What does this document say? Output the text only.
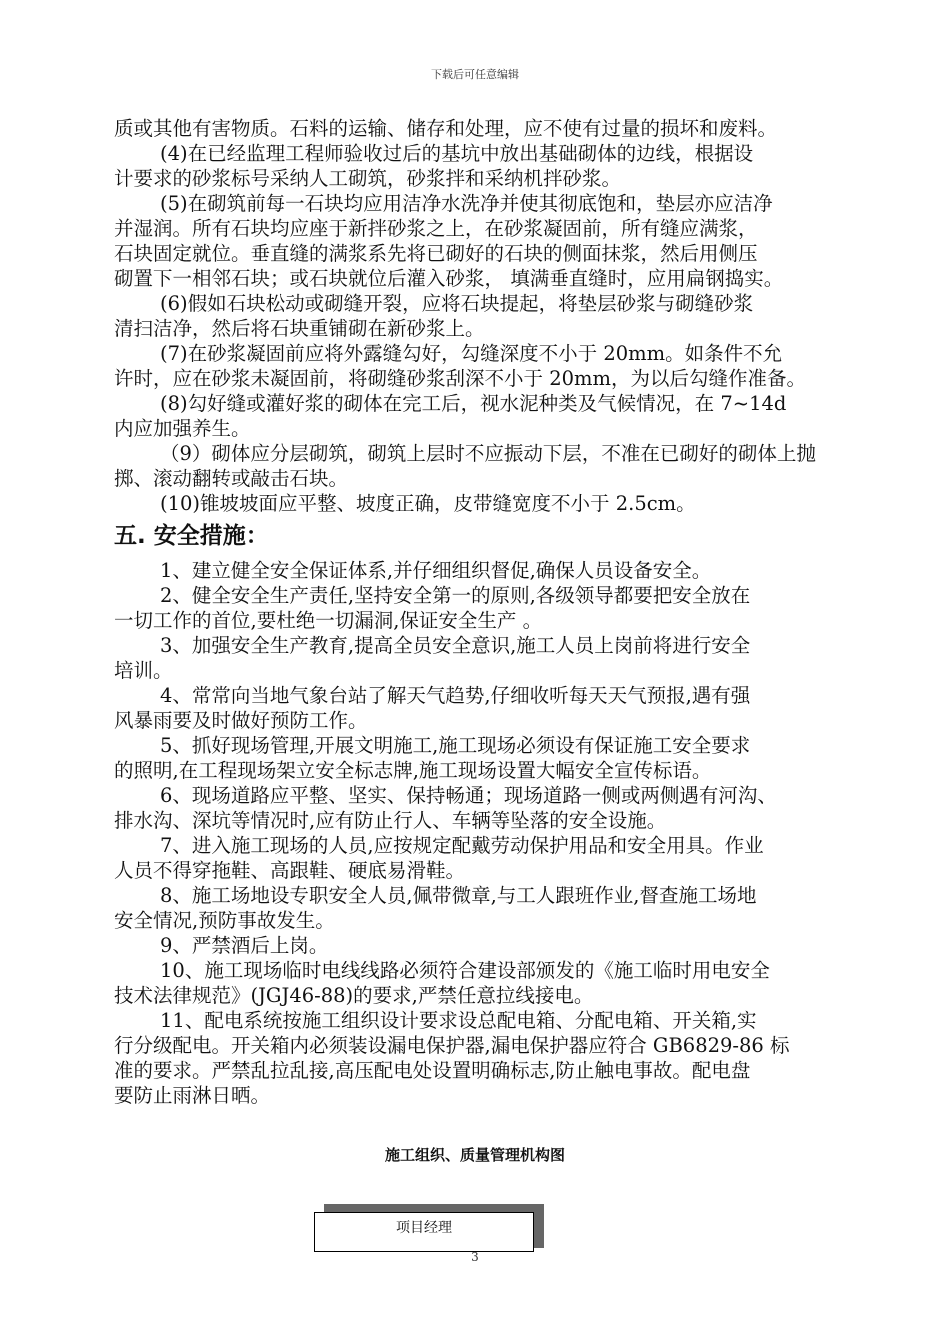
下载后可任意编辑

质或其他有害物质。石料的运输、储存和处理，应不使有过量的损坏和废料。

(4)在已经监理工程师验收过后的基坑中放出基础砌体的边线，根据设

计要求的砂浆标号采纳人工砌筑，砂浆拌和采纳机拌砂浆。

(5)在砌筑前每一石块均应用洁净水洗净并使其彻底饱和，垫层亦应洁净

并湿润。所有石块均应座于新拌砂浆之上，在砂浆凝固前，所有缝应满浆，

石块固定就位。垂直缝的满浆系先将已砌好的石块的侧面抹浆，然后用侧压

砌置下一相邻石块；或石块就位后灌入砂浆， 填满垂直缝时，应用扁钢捣实。

(6)假如石块松动或砌缝开裂，应将石块提起，将垫层砂浆与砌缝砂浆

清扫洁净，然后将石块重铺砌在新砂浆上。

(7)在砂浆凝固前应将外露缝勾好，勾缝深度不小于 20mm。如条件不允

许时，应在砂浆未凝固前，将砌缝砂浆刮深不小于 20mm，为以后勾缝作准备。

(8)勾好缝或灌好浆的砌体在完工后，视水泥种类及气候情况，在 7~14d

内应加强养生。

（9）砌体应分层砌筑，砌筑上层时不应振动下层，不准在已砌好的砌体上抛

掷、滚动翻转或敲击石块。

(10)锥坡坡面应平整、坡度正确，皮带缝宽度不小于 2.5cm。

五. 安全措施：

1、建立健全安全保证体系,并仔细组织督促,确保人员设备安全。

2、健全安全生产责任,坚持安全第一的原则,各级领导都要把安全放在

一切工作的首位,要杜绝一切漏洞,保证安全生产 。

3、加强安全生产教育,提高全员安全意识,施工人员上岗前将进行安全

培训。

4、常常向当地气象台站了解天气趋势,仔细收听每天天气预报,遇有强

风暴雨要及时做好预防工作。

5、抓好现场管理,开展文明施工,施工现场必须设有保证施工安全要求

的照明,在工程现场架立安全标志牌,施工现场设置大幅安全宣传标语。

6、现场道路应平整、坚实、保持畅通；现场道路一侧或两侧遇有河沟、

排水沟、深坑等情况时,应有防止行人、车辆等坠落的安全设施。

7、进入施工现场的人员,应按规定配戴劳动保护用品和安全用具。作业

人员不得穿拖鞋、高跟鞋、硬底易滑鞋。

8、施工场地设专职安全人员,佩带微章,与工人跟班作业,督查施工场地

安全情况,预防事故发生。

9、严禁酒后上岗。

10、施工现场临时电线线路必须符合建设部颁发的《施工临时用电安全

技术法律规范》(JGJ46-88)的要求,严禁任意拉线接电。

11、配电系统按施工组织设计要求设总配电箱、分配电箱、开关箱,实

行分级配电。开关箱内必须装设漏电保护器,漏电保护器应符合 GB6829-86 标

准的要求。严禁乱拉乱接,高压配电处设置明确标志,防止触电事故。配电盘

要防止雨淋日晒。

施工组织、质量管理机构图
项目经理
3
